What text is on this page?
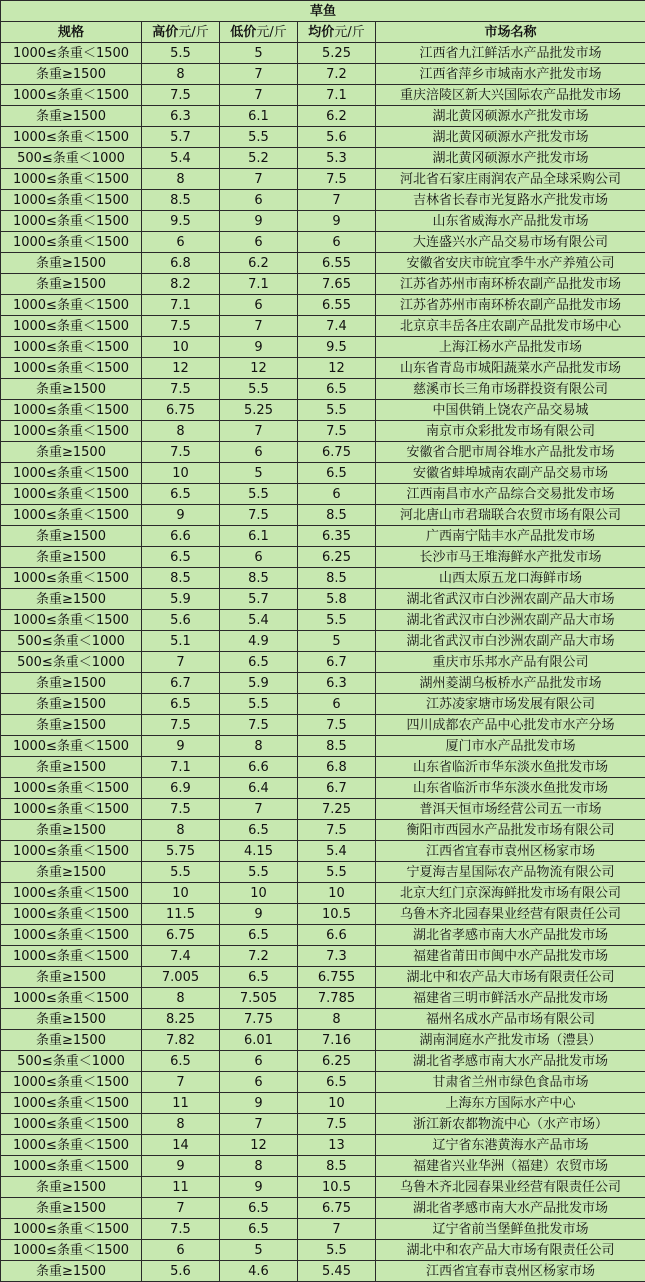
草鱼				
规格	高价元/斤	低价元/斤	均价元/斤	市场名称
1000≤条重＜1500	5.5	5	5.25	江西省九江鲜活水产品批发市场
条重≥1500	8	7	7.2	江西省萍乡市城南水产批发市场
1000≤条重＜1500	7.5	7	7.1	重庆涪陵区新大兴国际农产品批发市场
条重≥1500	6.3	6.1	6.2	湖北黄冈硕源水产批发市场
1000≤条重＜1500	5.7	5.5	5.6	湖北黄冈硕源水产批发市场
500≤条重＜1000	5.4	5.2	5.3	湖北黄冈硕源水产批发市场
1000≤条重＜1500	8	7	7.5	河北省石家庄雨润农产品全球采购公司
1000≤条重＜1500	8.5	6	7	吉林省长春市光复路水产批发市场
1000≤条重＜1500	9.5	9	9	山东省威海水产品批发市场
1000≤条重＜1500	6	6	6	大连盛兴水产品交易市场有限公司
条重≥1500	6.8	6.2	6.55	安徽省安庆市皖宜季牛水产养殖公司
条重≥1500	8.2	7.1	7.65	江苏省苏州市南环桥农副产品批发市场
1000≤条重＜1500	7.1	6	6.55	江苏省苏州市南环桥农副产品批发市场
1000≤条重＜1500	7.5	7	7.4	北京京丰岳各庄农副产品批发市场中心
1000≤条重＜1500	10	9	9.5	上海江杨水产品批发市场
1000≤条重＜1500	12	12	12	山东省青岛市城阳蔬菜水产品批发市场
条重≥1500	7.5	5.5	6.5	慈溪市长三角市场群投资有限公司
1000≤条重＜1500	6.75	5.25	5.5	中国供销上饶农产品交易城
1000≤条重＜1500	8	7	7.5	南京市众彩批发市场有限公司
条重≥1500	7.5	6	6.75	安徽省合肥市周谷堆水产品批发市场
1000≤条重＜1500	10	5	6.5	安徽省蚌埠城南农副产品交易市场
1000≤条重＜1500	6.5	5.5	6	江西南昌市水产品综合交易批发市场
1000≤条重＜1500	9	7.5	8.5	河北唐山市君瑞联合农贸市场有限公司
条重≥1500	6.6	6.1	6.35	广西南宁陆丰水产品批发市场
条重≥1500	6.5	6	6.25	长沙市马王堆海鲜水产批发市场
1000≤条重＜1500	8.5	8.5	8.5	山西太原五龙口海鲜市场
条重≥1500	5.9	5.7	5.8	湖北省武汉市白沙洲农副产品大市场
1000≤条重＜1500	5.6	5.4	5.5	湖北省武汉市白沙洲农副产品大市场
500≤条重＜1000	5.1	4.9	5	湖北省武汉市白沙洲农副产品大市场
500≤条重＜1000	7	6.5	6.7	重庆市乐邦水产品有限公司
条重≥1500	6.7	5.9	6.3	湖州菱湖乌板桥水产品批发市场
条重≥1500	6.5	5.5	6	江苏凌家塘市场发展有限公司
条重≥1500	7.5	7.5	7.5	四川成都农产品中心批发市水产分场
1000≤条重＜1500	9	8	8.5	厦门市水产品批发市场
条重≥1500	7.1	6.6	6.8	山东省临沂市华东淡水鱼批发市场
1000≤条重＜1500	6.9	6.4	6.7	山东省临沂市华东淡水鱼批发市场
1000≤条重＜1500	7.5	7	7.25	普洱天恒市场经营公司五一市场
条重≥1500	8	6.5	7.5	衡阳市西园水产品批发市场有限公司
1000≤条重＜1500	5.75	4.15	5.4	江西省宜春市袁州区杨家市场
条重≥1500	5.5	5.5	5.5	宁夏海吉星国际农产品物流有限公司
1000≤条重＜1500	10	10	10	北京大红门京深海鲜批发市场有限公司
1000≤条重＜1500	11.5	9	10.5	乌鲁木齐北园春果业经营有限责任公司
1000≤条重＜1500	6.75	6.5	6.6	湖北省孝感市南大水产品批发市场
1000≤条重＜1500	7.4	7.2	7.3	福建省莆田市闽中水产品批发市场
条重≥1500	7.005	6.5	6.755	湖北中和农产品大市场有限责任公司
1000≤条重＜1500	8	7.505	7.785	福建省三明市鲜活水产品批发市场
条重≥1500	8.25	7.75	8	福州名成水产品市场有限公司
条重≥1500	7.82	6.01	7.16	湖南洞庭水产批发市场（澧县）
500≤条重＜1000	6.5	6	6.25	湖北省孝感市南大水产品批发市场
1000≤条重＜1500	7	6	6.5	甘肃省兰州市绿色食品市场
1000≤条重＜1500	11	9	10	上海东方国际水产中心
1000≤条重＜1500	8	7	7.5	浙江新农都物流中心（水产市场）
1000≤条重＜1500	14	12	13	辽宁省东港黄海水产品市场
1000≤条重＜1500	9	8	8.5	福建省兴业华洲（福建）农贸市场
条重≥1500	11	9	10.5	乌鲁木齐北园春果业经营有限责任公司
条重≥1500	7	6.5	6.75	湖北省孝感市南大水产品批发市场
1000≤条重＜1500	7.5	6.5	7	辽宁省前当堡鲜鱼批发市场
1000≤条重＜1500	6	5	5.5	湖北中和农产品大市场有限责任公司
条重≥1500	5.6	4.6	5.45	江西省宜春市袁州区杨家市场
